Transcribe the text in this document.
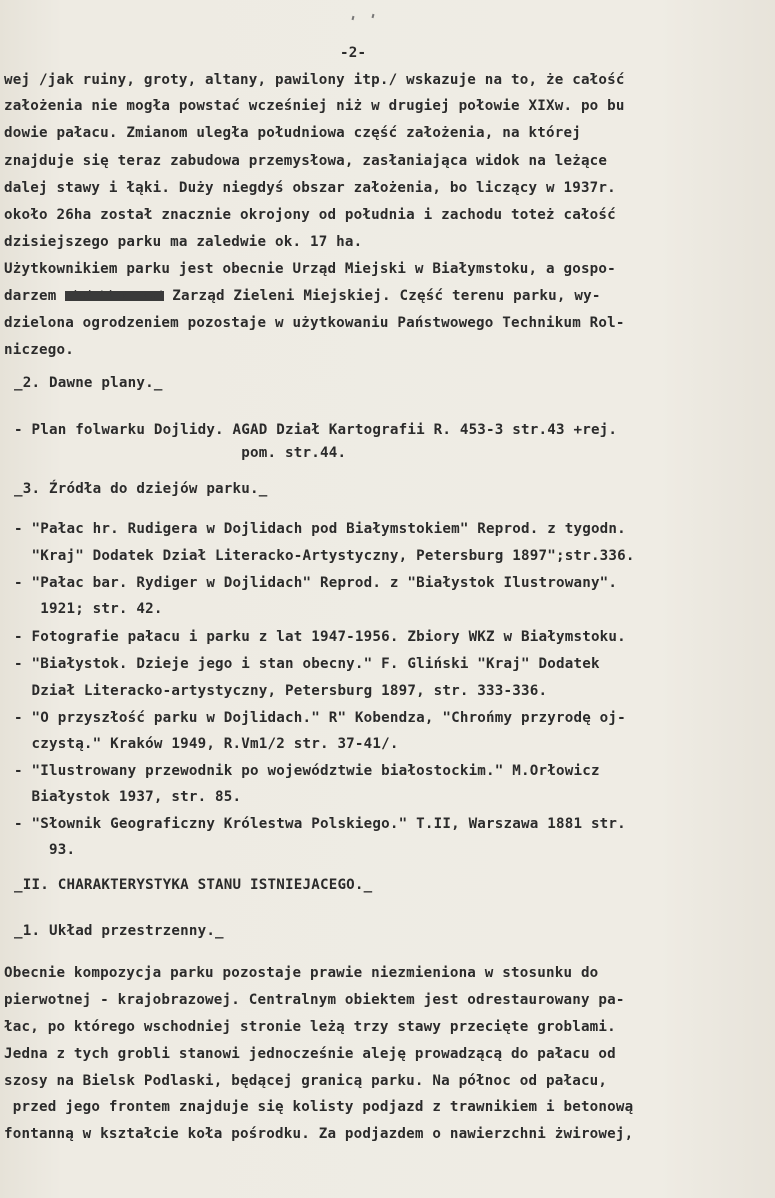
-2-
wej /jak ruiny, groty, altany, pawilony itp./ wskazuje na to, że całość
założenia nie mogła powstać wcześniej niż w drugiej połowie XIXw. po bu
dowie pałacu. Zmianom uległa południowa część założenia, na której
znajduje się teraz zabudowa przemysłowa, zasłaniająca widok na leżące
dalej stawy i łąki. Duży niegdyś obszar założenia, bo liczący w 1937r.
około 26ha został znacznie okrojony od południa i zachodu toteż całość
dzisiejszego parku ma zaledwie ok. 17 ha.
Użytkownikiem parku jest obecnie Urząd Miejski w Białymstoku, a gospo-
darzem Miejskiexprzed Zarząd Zieleni Miejskiej. Część terenu parku, wy-
dzielona ogrodzeniem pozostaje w użytkowaniu Państwowego Technikum Rol-
niczego.
_2. Dawne plany._
- Plan folwarku Dojlidy. AGAD Dział Kartografii R. 453-3 str.43 +rej.
pom. str.44.
_3. Źródła do dziejów parku._
- "Pałac hr. Rudigera w Dojlidach pod Białymstokiem" Reprod. z tygodn.
"Kraj" Dodatek Dział Literacko-Artystyczny, Petersburg 1897";str.336.
- "Pałac bar. Rydiger w Dojlidach" Reprod. z "Białystok Ilustrowany".
1921; str. 42.
- Fotografie pałacu i parku z lat 1947-1956. Zbiory WKZ w Białymstoku.
- "Białystok. Dzieje jego i stan obecny." F. Gliński "Kraj" Dodatek
Dział Literacko-artystyczny, Petersburg 1897, str. 333-336.
- "O przyszłość parku w Dojlidach." R" Kobendza, "Chrońmy przyrodę oj-
czystą." Kraków 1949, R.Vm1/2 str. 37-41/.
- "Ilustrowany przewodnik po województwie białostockim." M.Orłowicz
Białystok 1937, str. 85.
- "Słownik Geograficzny Królestwa Polskiego." T.II, Warszawa 1881 str.
93.
_II. CHARAKTERYSTYKA STANU ISTNIEJACEGO._
_1. Układ przestrzenny._
Obecnie kompozycja parku pozostaje prawie niezmieniona w stosunku do
pierwotnej - krajobrazowej. Centralnym obiektem jest odrestaurowany pa-
łac, po którego wschodniej stronie leżą trzy stawy przecięte groblami.
Jedna z tych grobli stanowi jednocześnie aleję prowadzącą do pałacu od
szosy na Bielsk Podlaski, będącej granicą parku. Na północ od pałacu,
przed jego frontem znajduje się kolisty podjazd z trawnikiem i betonową
fontanną w kształcie koła pośrodku. Za podjazdem o nawierzchni żwirowej,
